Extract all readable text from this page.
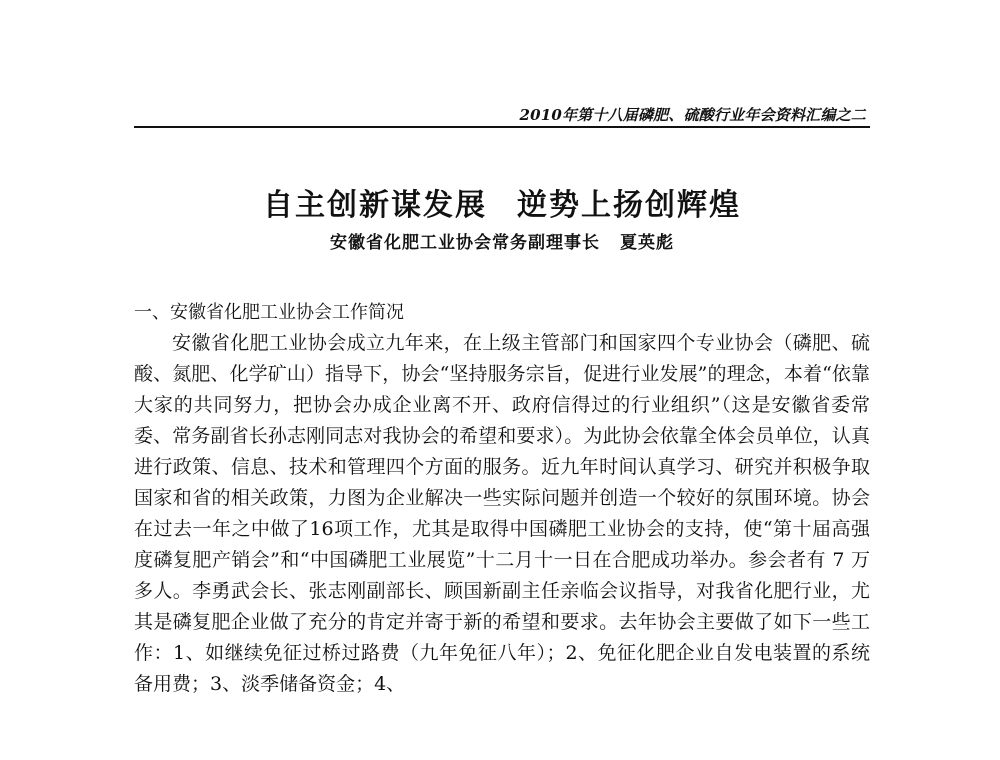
2010年第十八届磷肥、硫酸行业年会资料汇编之二
自主创新谋发展 逆势上扬创辉煌
安徽省化肥工业协会常务副理事长 夏英彪
一、安徽省化肥工业协会工作简况

安徽省化肥工业协会成立九年来，在上级主管部门和国家四个专业协会（磷肥、硫酸、氮肥、化学矿山）指导下，协会“坚持服务宗旨，促进行业发展”的理念，本着“依靠大家的共同努力，把协会办成企业离不开、政府信得过的行业组织”（这是安徽省委常委、常务副省长孙志刚同志对我协会的希望和要求）。为此协会依靠全体会员单位，认真进行政策、信息、技术和管理四个方面的服务。近九年时间认真学习、研究并积极争取国家和省的相关政策，力图为企业解决一些实际问题并创造一个较好的氛围环境。协会在过去一年之中做了16项工作，尤其是取得中国磷肥工业协会的支持，使“第十届高强度磷复肥产销会”和“中国磷肥工业展览”十二月十一日在合肥成功举办。参会者有 7 万多人。李勇武会长、张志刚副部长、顾国新副主任亲临会议指导，对我省化肥行业，尤其是磷复肥企业做了充分的肯定并寄于新的希望和要求。去年协会主要做了如下一些工作：1、如继续免征过桥过路费（九年免征八年）；2、免征化肥企业自发电装置的系统备用费；3、淡季储备资金；4、
